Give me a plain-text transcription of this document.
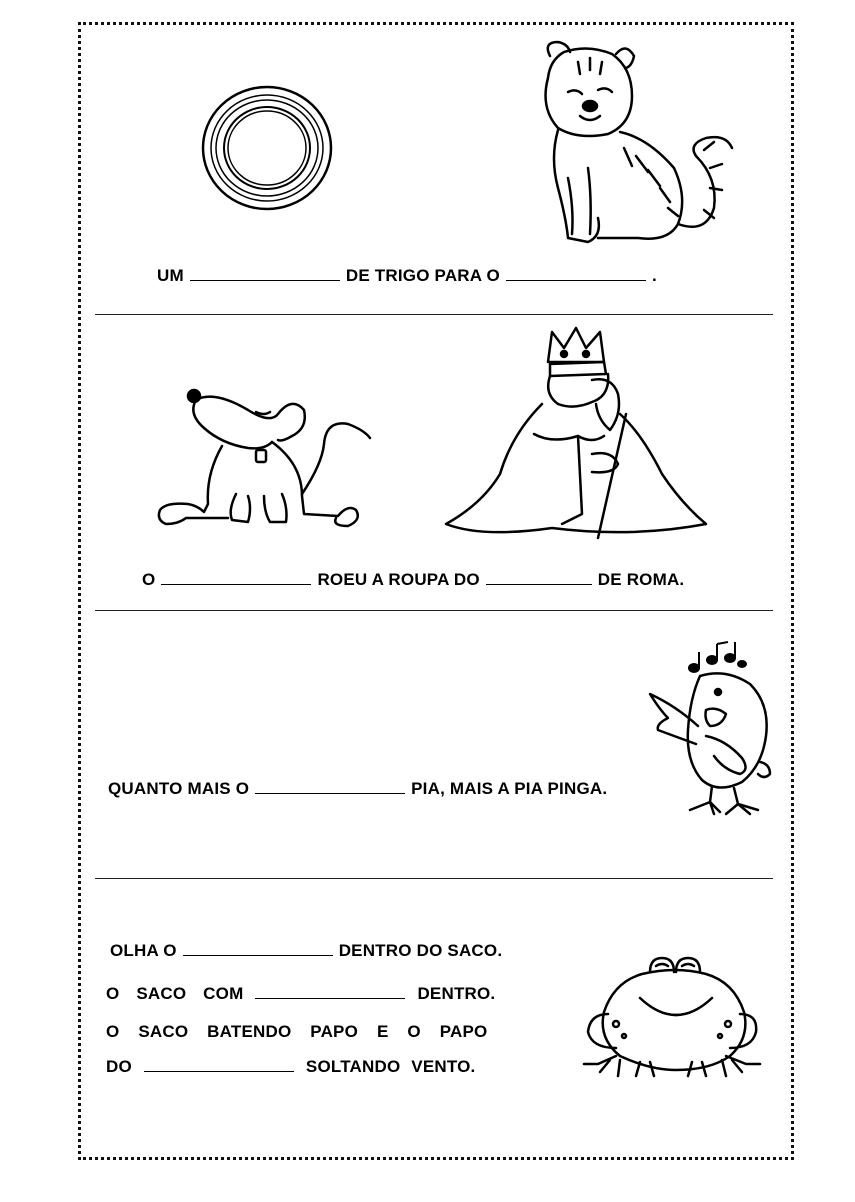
UM	DE TRIGO PARA O	.
O	ROEU A ROUPA DO	DE ROMA.
QUANTO MAIS O	PIA, MAIS A PIA PINGA.
OLHA O	DENTRO DO SACO.
O SACO COM	DENTRO.
O SACO BATENDO PAPO E O PAPO
DO	SOLTANDO VENTO.
